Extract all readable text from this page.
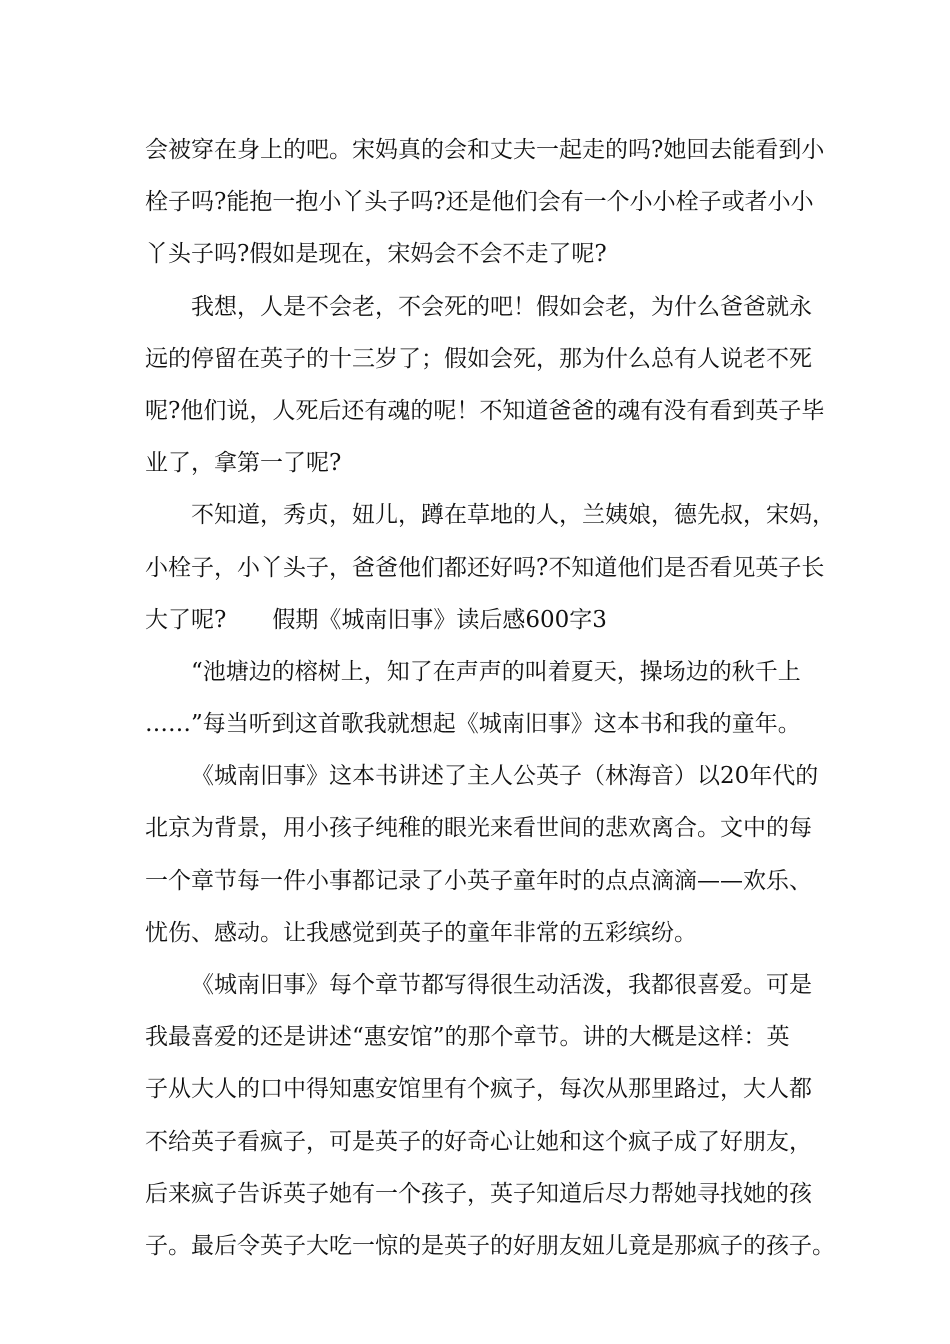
会被穿在身上的吧。宋妈真的会和丈夫一起走的吗?她回去能看到小
栓子吗?能抱一抱小丫头子吗?还是他们会有一个小小栓子或者小小
丫头子吗?假如是现在，宋妈会不会不走了呢?
我想，人是不会老，不会死的吧！假如会老，为什么爸爸就永
远的停留在英子的十三岁了；假如会死，那为什么总有人说老不死
呢?他们说，人死后还有魂的呢！不知道爸爸的魂有没有看到英子毕
业了，拿第一了呢?
不知道，秀贞，妞儿，蹲在草地的人，兰姨娘，德先叔，宋妈，
小栓子，小丫头子，爸爸他们都还好吗?不知道他们是否看见英子长
大了呢? 假期《城南旧事》读后感600字3
“池塘边的榕树上，知了在声声的叫着夏天，操场边的秋千上
……”每当听到这首歌我就想起《城南旧事》这本书和我的童年。
《城南旧事》这本书讲述了主人公英子（林海音）以20年代的
北京为背景，用小孩子纯稚的眼光来看世间的悲欢离合。文中的每
一个章节每一件小事都记录了小英子童年时的点点滴滴——欢乐、
忧伤、感动。让我感觉到英子的童年非常的五彩缤纷。
《城南旧事》每个章节都写得很生动活泼，我都很喜爱。可是
我最喜爱的还是讲述“惠安馆”的那个章节。讲的大概是这样：英
子从大人的口中得知惠安馆里有个疯子，每次从那里路过，大人都
不给英子看疯子，可是英子的好奇心让她和这个疯子成了好朋友，
后来疯子告诉英子她有一个孩子，英子知道后尽力帮她寻找她的孩
子。最后令英子大吃一惊的是英子的好朋友妞儿竟是那疯子的孩子。
